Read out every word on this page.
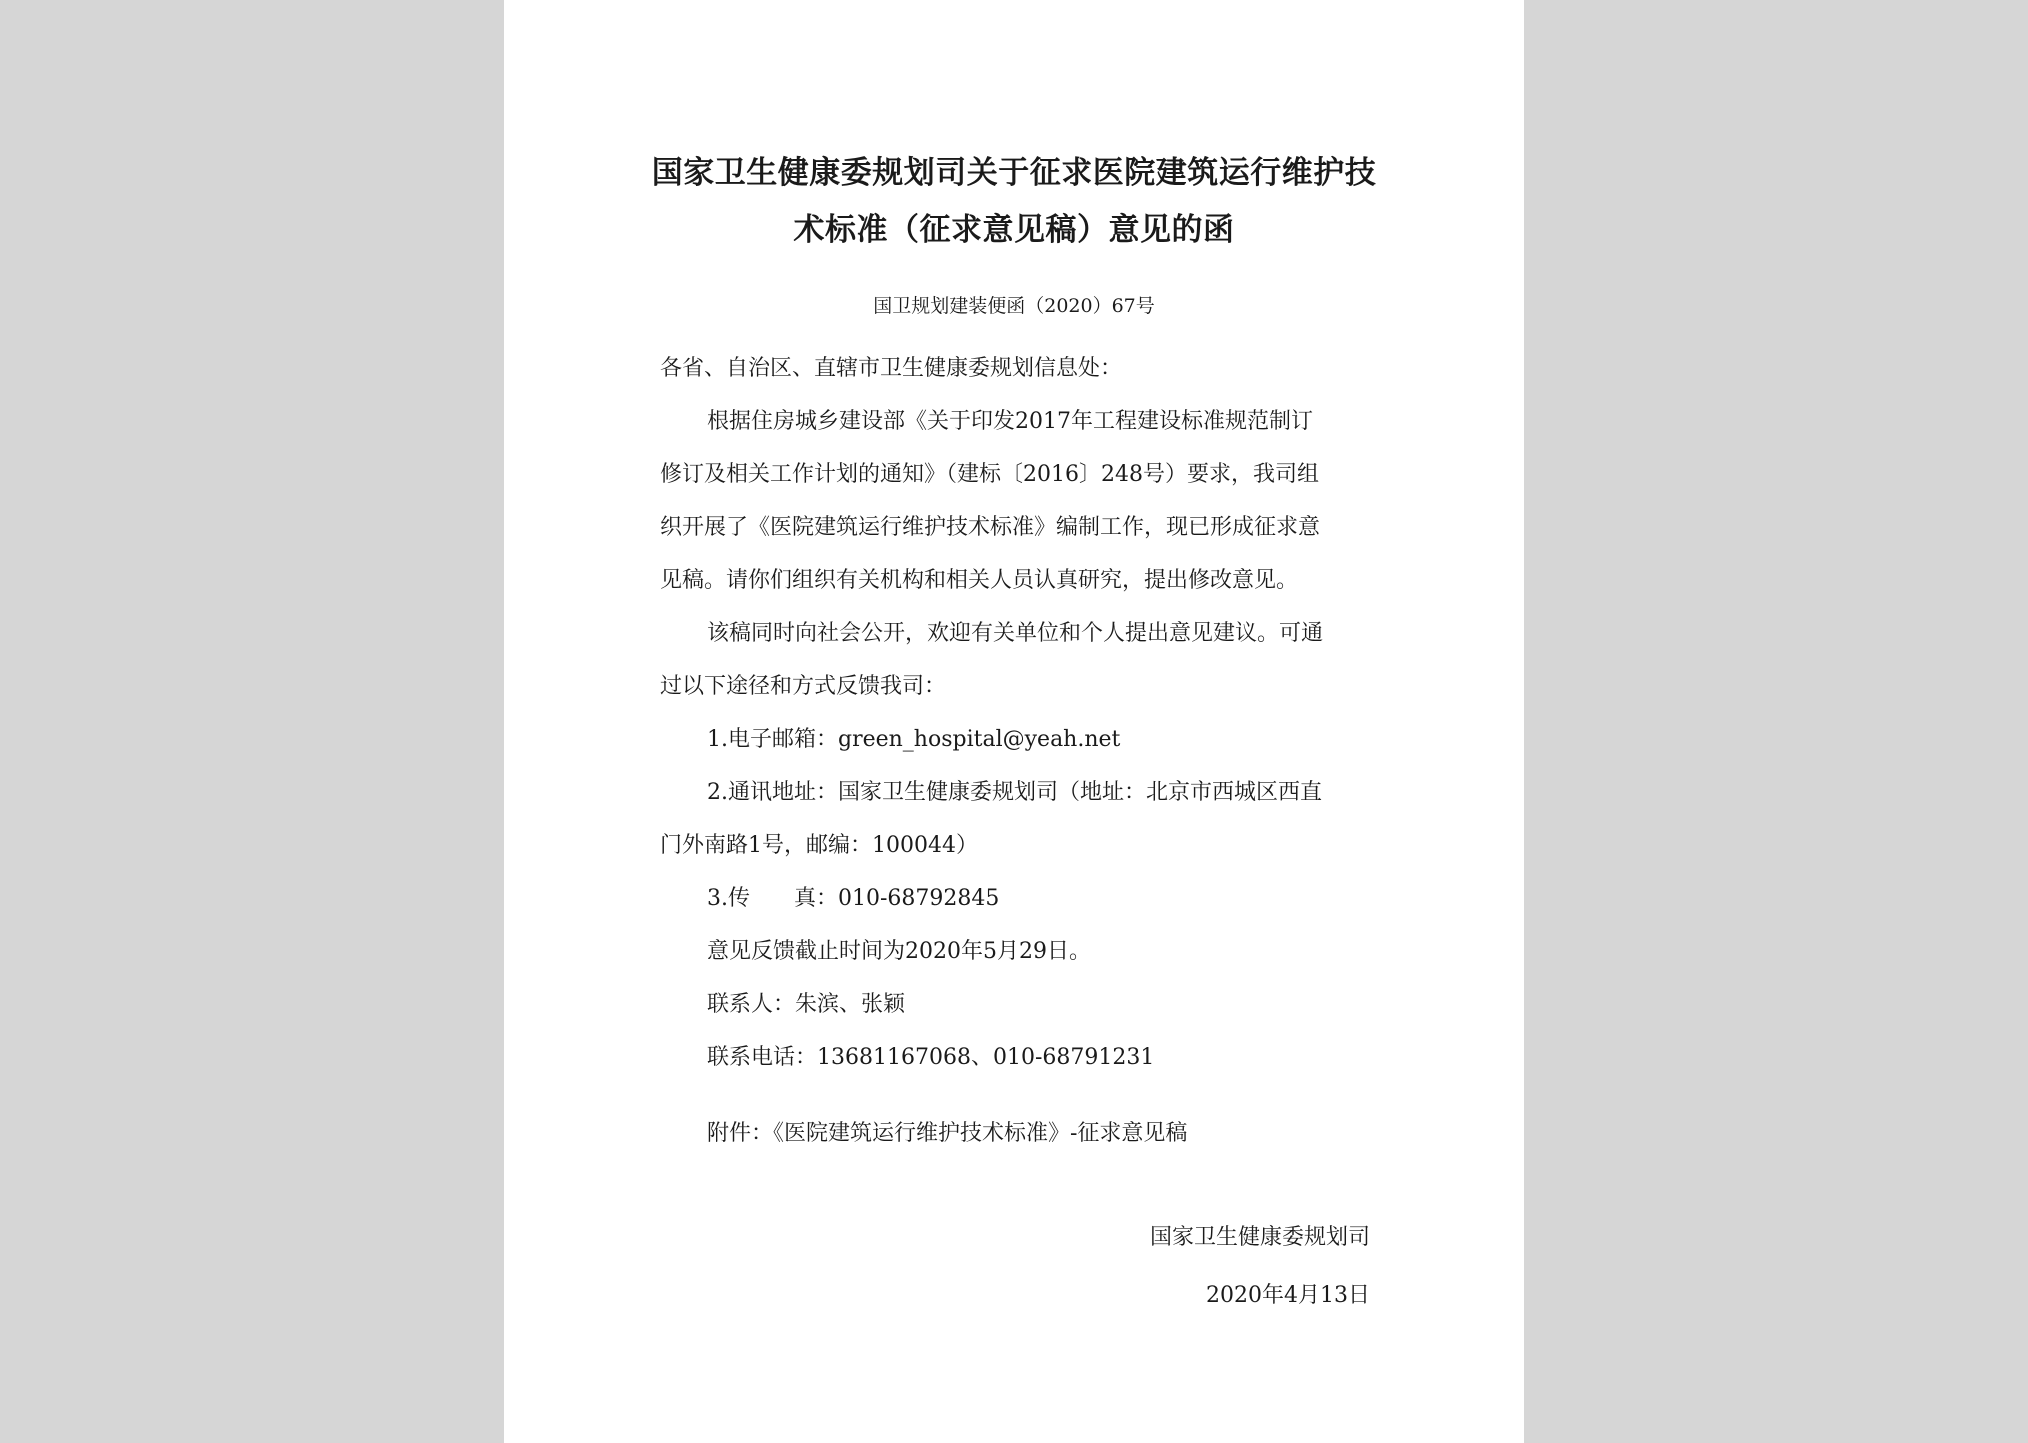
国家卫生健康委规划司关于征求医院建筑运行维护技
术标准（征求意见稿）意见的函
国卫规划建装便函（2020）67号
各省、自治区、直辖市卫生健康委规划信息处：
根据住房城乡建设部《关于印发2017年工程建设标准规范制订
修订及相关工作计划的通知》（建标〔2016〕248号）要求，我司组
织开展了《医院建筑运行维护技术标准》编制工作，现已形成征求意
见稿。请你们组织有关机构和相关人员认真研究，提出修改意见。
该稿同时向社会公开，欢迎有关单位和个人提出意见建议。可通
过以下途径和方式反馈我司：
1.电子邮箱：green_hospital@yeah.net
2.通讯地址：国家卫生健康委规划司（地址：北京市西城区西直
门外南路1号，邮编：100044）
3.传　　真：010-68792845
意见反馈截止时间为2020年5月29日。
联系人：朱滨、张颖
联系电话：13681167068、010-68791231
附件：《医院建筑运行维护技术标准》-征求意见稿
国家卫生健康委规划司
2020年4月13日
